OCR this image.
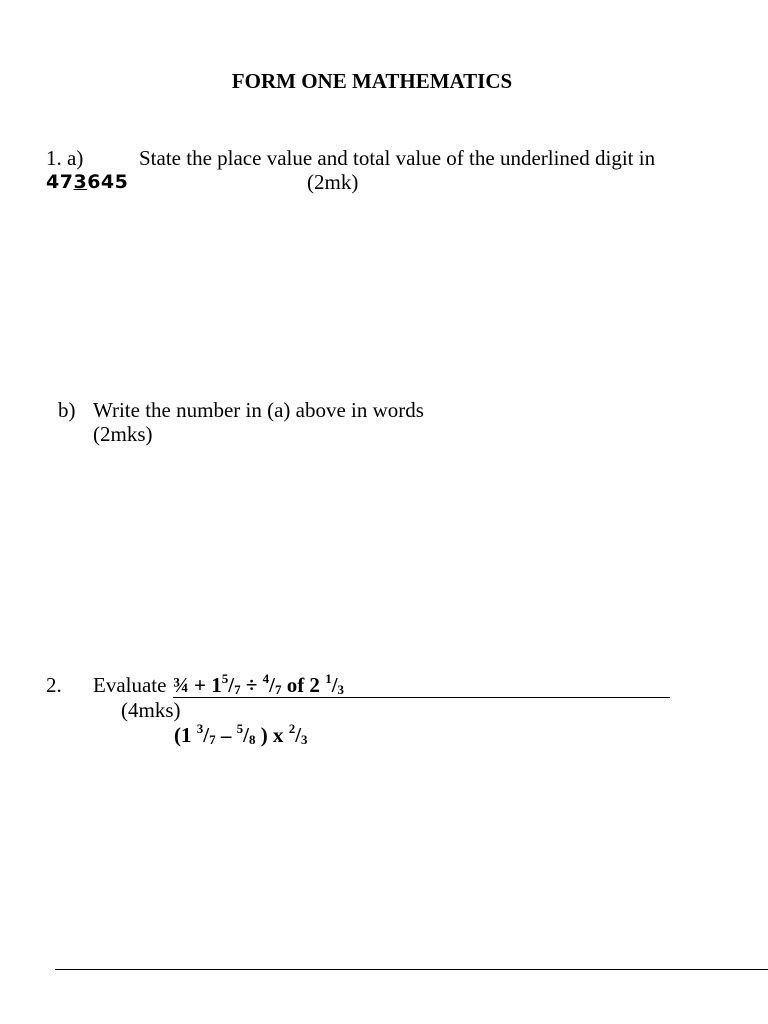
FORM ONE MATHEMATICS
1. a)	State the place value and total value of the underlined digit in
473645	(2mk)
b) Write the number in (a) above in words
(2mks)
2. Evaluate ¾ + $1^5/_7 \div ^4/_7$ of 2 $^1/_3$
(4mks)
(1 $^3/_7 - ^5/_8$ ) x $^2/_3$
